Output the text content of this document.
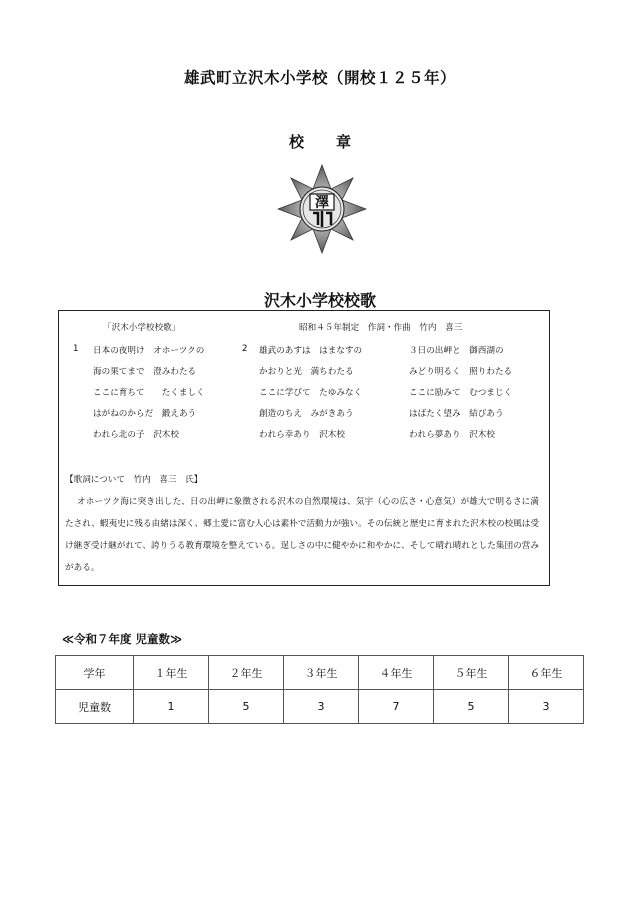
雄武町立沢木小学校（開校１２５年）
校 章
澤
沢木小学校校歌
「沢木小学校校歌」	昭和４５年制定　作詞・作曲　竹内　喜三
1 日本の夜明け　オホーツクの
海の果てまで　澄みわたる
ここに育ちて　　たくましく
はがねのからだ　鍛えあう
われら北の子　沢木校
2 雄武のあすは　はまなすの
かおりと光　満ちわたる
ここに学びて　たゆみなく
創造のちえ　みがきあう
われら幸あり　沢木校
３日の出岬と　御西湖の
みどり明るく　照りわたる
ここに励みて　むつまじく
はばたく望み　結びあう
われら夢あり　沢木校
【歌詞について　竹内　喜三　氏】
オホーツク海に突き出した、日の出岬に象徴される沢木の自然環境は、気宇（心の広さ・心意気）が雄大で明るさに満たされ、蝦夷史に残る由緒は深く、郷土愛に富む人心は素朴で活動力が強い。その伝統と歴史に育まれた沢木校の校風は受け継ぎ受け継がれて、誇りうる教育環境を整えている。逞しさの中に健やかに和やかに、そして晴れ晴れとした集団の営みがある。
≪令和７年度 児童数≫
学年	１年生	２年生	３年生	４年生	５年生	６年生
児童数	1	5	3	7	5	3
